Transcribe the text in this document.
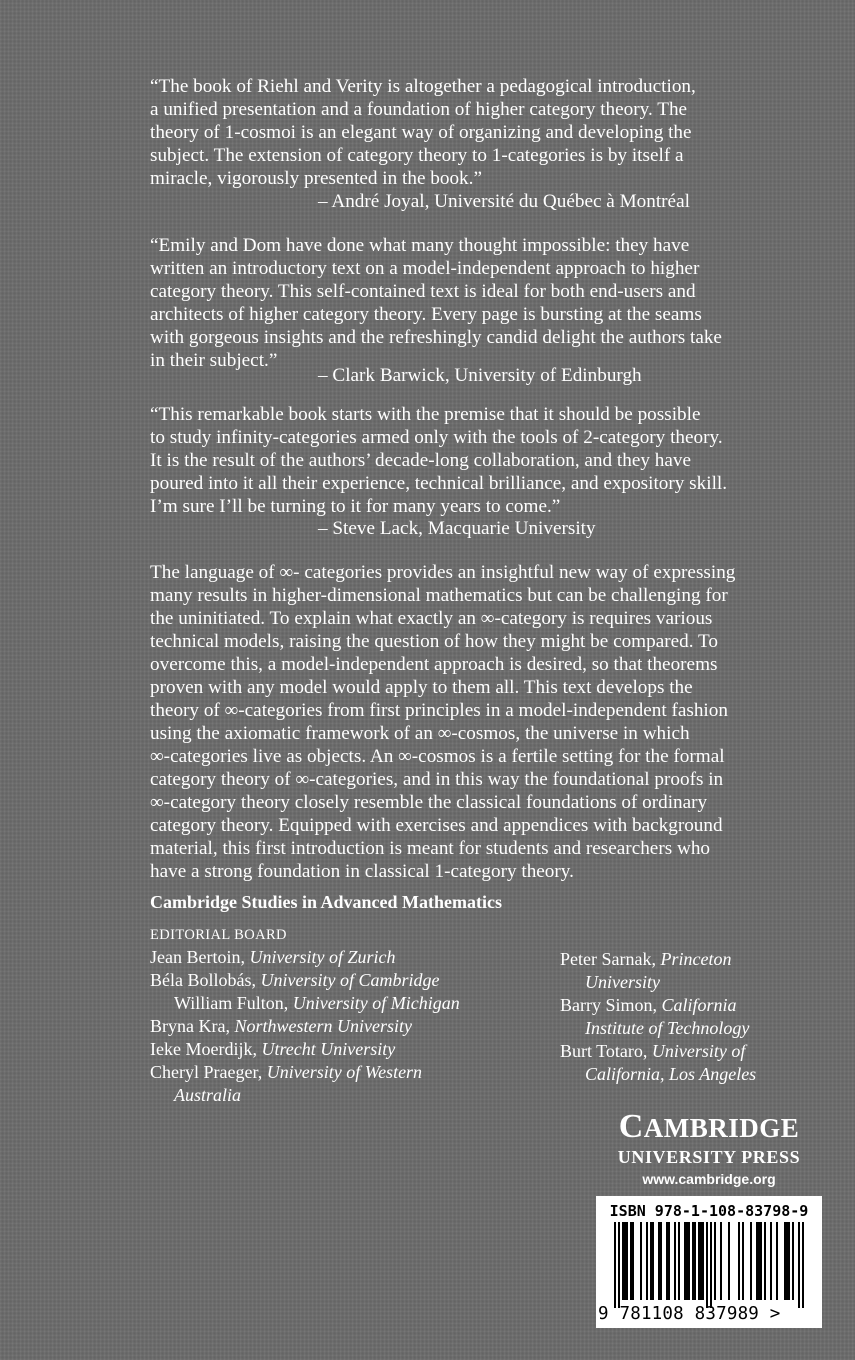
“The book of Riehl and Verity is altogether a pedagogical introduction,
a unified presentation and a foundation of higher category theory. The
theory of 1-cosmoi is an elegant way of organizing and developing the
subject. The extension of category theory to 1-categories is by itself a
miracle, vigorously presented in the book.”
– André Joyal, Université du Québec à Montréal
“Emily and Dom have done what many thought impossible: they have
written an introductory text on a model-independent approach to higher
category theory. This self-contained text is ideal for both end-users and
architects of higher category theory. Every page is bursting at the seams
with gorgeous insights and the refreshingly candid delight the authors take
in their subject.”
– Clark Barwick, University of Edinburgh
“This remarkable book starts with the premise that it should be possible
to study infinity-categories armed only with the tools of 2-category theory.
It is the result of the authors’ decade-long collaboration, and they have
poured into it all their experience, technical brilliance, and expository skill.
I’m sure I’ll be turning to it for many years to come.”
– Steve Lack, Macquarie University
The language of ∞- categories provides an insightful new way of expressing
many results in higher-dimensional mathematics but can be challenging for
the uninitiated. To explain what exactly an ∞-category is requires various
technical models, raising the question of how they might be compared. To
overcome this, a model-independent approach is desired, so that theorems
proven with any model would apply to them all. This text develops the
theory of ∞-categories from first principles in a model-independent fashion
using the axiomatic framework of an ∞-cosmos, the universe in which
∞-categories live as objects. An ∞-cosmos is a fertile setting for the formal
category theory of ∞-categories, and in this way the foundational proofs in
∞-category theory closely resemble the classical foundations of ordinary
category theory. Equipped with exercises and appendices with background
material, this first introduction is meant for students and researchers who
have a strong foundation in classical 1-category theory.
Cambridge Studies in Advanced Mathematics
EDITORIAL BOARD
Jean Bertoin, University of Zurich
Béla Bollobás, University of Cambridge
William Fulton, University of Michigan
Bryna Kra, Northwestern University
Ieke Moerdijk, Utrecht University
Cheryl Praeger, University of Western
Australia
Peter Sarnak, Princeton
University
Barry Simon, California
Institute of Technology
Burt Totaro, University of
California, Los Angeles
CAMBRIDGE
UNIVERSITY PRESS
www.cambridge.org
ISBN 978-1-108-83798-9
9 781108 837989 >
